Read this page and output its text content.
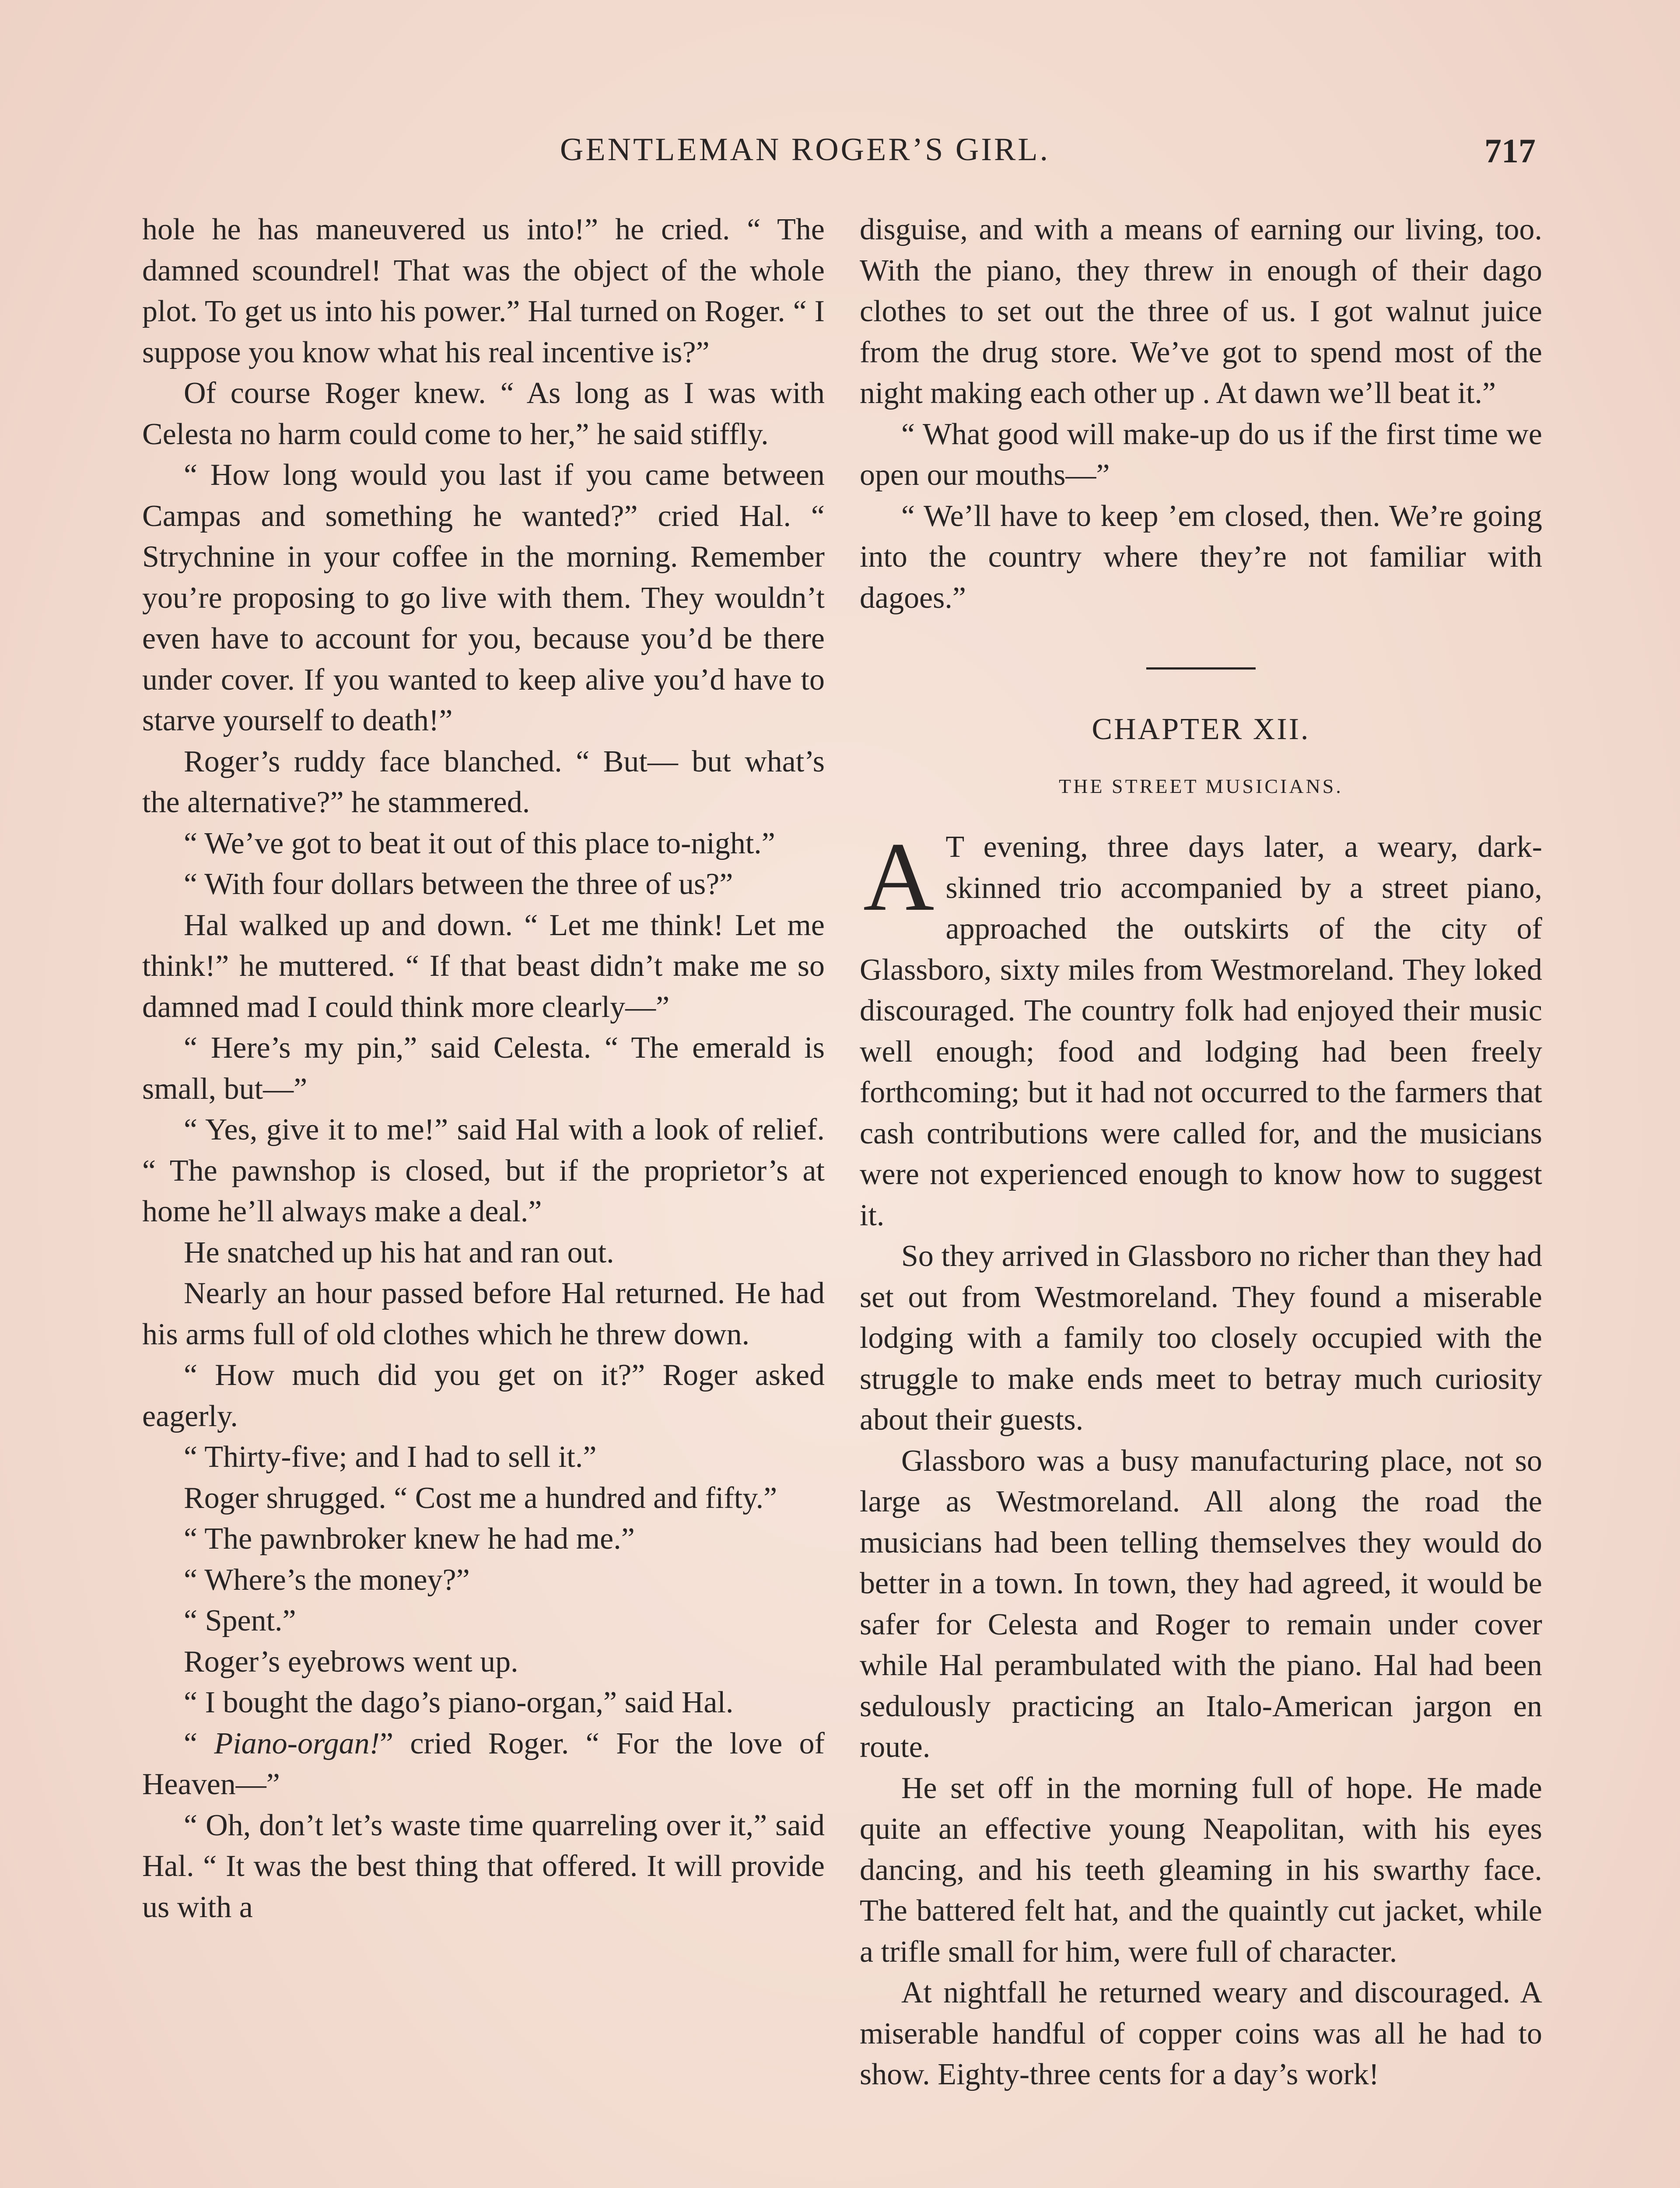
GENTLEMAN ROGER’S GIRL.	717

hole he has maneuvered us into!” he cried. “ The damned scoundrel! That was the object of the whole plot. To get us into his power.” Hal turned on Roger. “ I suppose you know what his real incentive is?”

Of course Roger knew. “ As long as I was with Celesta no harm could come to her,” he said stiffly.

“ How long would you last if you came between Campas and something he wanted?” cried Hal. “ Strychnine in your coffee in the morning. Remember you’re proposing to go live with them. They wouldn’t even have to account for you, because you’d be there under cover. If you wanted to keep alive you’d have to starve yourself to death!”

Roger’s ruddy face blanched. “ But— but what’s the alternative?” he stammered.

“ We’ve got to beat it out of this place to-night.”

“ With four dollars between the three of us?”

Hal walked up and down. “ Let me think! Let me think!” he muttered. “ If that beast didn’t make me so damned mad I could think more clearly—”

“ Here’s my pin,” said Celesta. “ The emerald is small, but—”

“ Yes, give it to me!” said Hal with a look of relief. “ The pawnshop is closed, but if the proprietor’s at home he’ll always make a deal.”

He snatched up his hat and ran out.

Nearly an hour passed before Hal returned. He had his arms full of old clothes which he threw down.

“ How much did you get on it?” Roger asked eagerly.

“ Thirty-five; and I had to sell it.”

Roger shrugged. “ Cost me a hundred and fifty.”

“ The pawnbroker knew he had me.”

“ Where’s the money?”

“ Spent.”

Roger’s eyebrows went up.

“ I bought the dago’s piano-organ,” said Hal.

“ Piano-organ!” cried Roger. “ For the love of Heaven—”

“ Oh, don’t let’s waste time quarreling over it,” said Hal. “ It was the best thing that offered. It will provide us with a

disguise, and with a means of earning our living, too. With the piano, they threw in enough of their dago clothes to set out the three of us. I got walnut juice from the drug store. We’ve got to spend most of the night making each other up . At dawn we’ll beat it.”

“ What good will make-up do us if the first time we open our mouths—”

“ We’ll have to keep ’em closed, then. We’re going into the country where they’re not familiar with dagoes.”

CHAPTER XII.
THE STREET MUSICIANS.

A T evening, three days later, a weary, dark-skinned trio accompanied by a street piano, approached the outskirts of the city of Glassboro, sixty miles from Westmoreland. They loked discouraged. The country folk had enjoyed their music well enough; food and lodging had been freely forthcoming; but it had not occurred to the farmers that cash contributions were called for, and the musicians were not experienced enough to know how to suggest it.

So they arrived in Glassboro no richer than they had set out from Westmoreland. They found a miserable lodging with a family too closely occupied with the struggle to make ends meet to betray much curiosity about their guests.

Glassboro was a busy manufacturing place, not so large as Westmoreland. All along the road the musicians had been telling themselves they would do better in a town. In town, they had agreed, it would be safer for Celesta and Roger to remain under cover while Hal perambulated with the piano. Hal had been sedulously practicing an Italo-American jargon en route.

He set off in the morning full of hope. He made quite an effective young Neapolitan, with his eyes dancing, and his teeth gleaming in his swarthy face. The battered felt hat, and the quaintly cut jacket, while a trifle small for him, were full of character.

At nightfall he returned weary and discouraged. A miserable handful of copper coins was all he had to show. Eighty-three cents for a day’s work!
